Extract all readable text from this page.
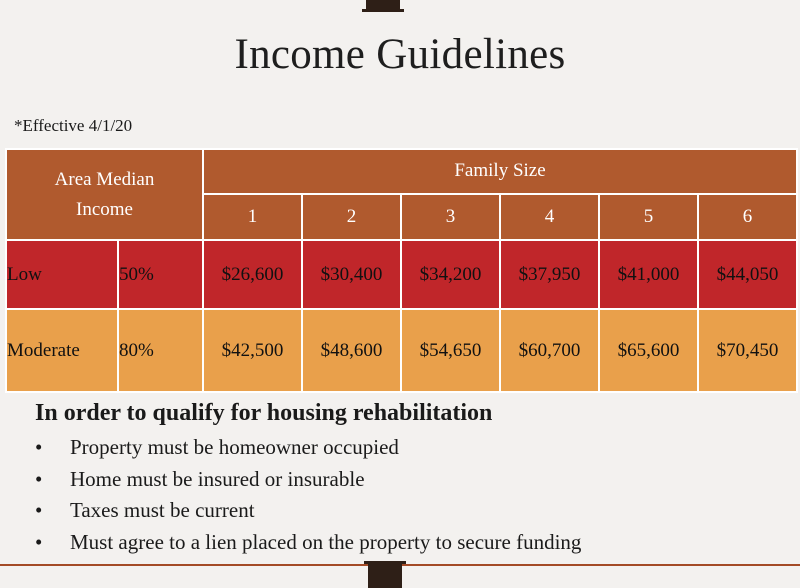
Income Guidelines
*Effective 4/1/20
Area Median Income		Family Size					
		1	2	3	4	5	6
Low	50%	$26,600	$30,400	$34,200	$37,950	$41,000	$44,050
Moderate	80%	$42,500	$48,600	$54,650	$60,700	$65,600	$70,450
In order to qualify for housing rehabilitation
• Property must be homeowner occupied
• Home must be insured or insurable
• Taxes must be current
• Must agree to a lien placed on the property to secure funding
